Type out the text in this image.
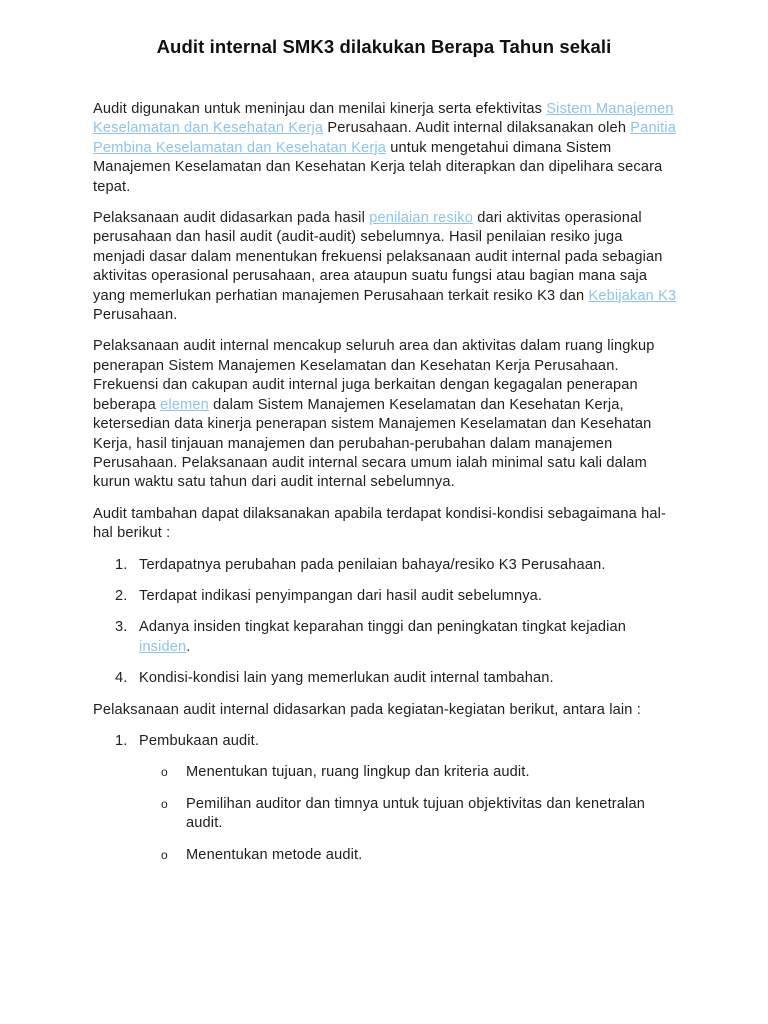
Audit internal SMK3 dilakukan Berapa Tahun sekali

Audit digunakan untuk meninjau dan menilai kinerja serta efektivitas Sistem Manajemen Keselamatan dan Kesehatan Kerja Perusahaan. Audit internal dilaksanakan oleh Panitia Pembina Keselamatan dan Kesehatan Kerja untuk mengetahui dimana Sistem Manajemen Keselamatan dan Kesehatan Kerja telah diterapkan dan dipelihara secara tepat.

Pelaksanaan audit didasarkan pada hasil penilaian resiko dari aktivitas operasional perusahaan dan hasil audit (audit-audit) sebelumnya. Hasil penilaian resiko juga menjadi dasar dalam menentukan frekuensi pelaksanaan audit internal pada sebagian aktivitas operasional perusahaan, area ataupun suatu fungsi atau bagian mana saja yang memerlukan perhatian manajemen Perusahaan terkait resiko K3 dan Kebijakan K3 Perusahaan.

Pelaksanaan audit internal mencakup seluruh area dan aktivitas dalam ruang lingkup penerapan Sistem Manajemen Keselamatan dan Kesehatan Kerja Perusahaan. Frekuensi dan cakupan audit internal juga berkaitan dengan kegagalan penerapan beberapa elemen dalam Sistem Manajemen Keselamatan dan Kesehatan Kerja, ketersedian data kinerja penerapan sistem Manajemen Keselamatan dan Kesehatan Kerja, hasil tinjauan manajemen dan perubahan-perubahan dalam manajemen Perusahaan. Pelaksanaan audit internal secara umum ialah minimal satu kali dalam kurun waktu satu tahun dari audit internal sebelumnya.

Audit tambahan dapat dilaksanakan apabila terdapat kondisi-kondisi sebagaimana hal-hal berikut :

1. Terdapatnya perubahan pada penilaian bahaya/resiko K3 Perusahaan.
2. Terdapat indikasi penyimpangan dari hasil audit sebelumnya.
3. Adanya insiden tingkat keparahan tinggi dan peningkatan tingkat kejadian insiden.
4. Kondisi-kondisi lain yang memerlukan audit internal tambahan.

Pelaksanaan audit internal didasarkan pada kegiatan-kegiatan berikut, antara lain :

1. Pembukaan audit.
o Menentukan tujuan, ruang lingkup dan kriteria audit.
o Pemilihan auditor dan timnya untuk tujuan objektivitas dan kenetralan audit.
o Menentukan metode audit.
